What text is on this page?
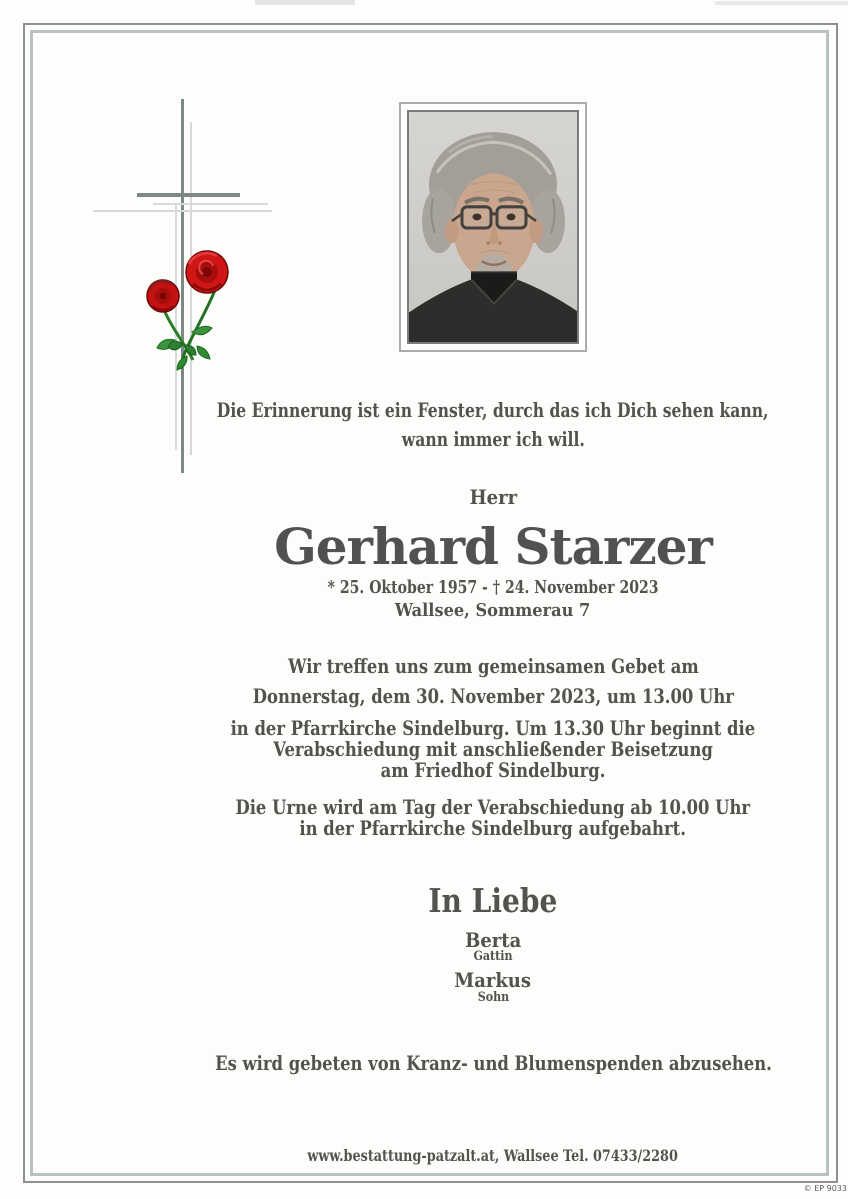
Die Erinnerung ist ein Fenster, durch das ich Dich sehen kann,
wann immer ich will.
Herr
Gerhard Starzer
* 25. Oktober 1957 - † 24. November 2023
Wallsee, Sommerau 7
Wir treffen uns zum gemeinsamen Gebet am
Donnerstag, dem 30. November 2023, um 13.00 Uhr
in der Pfarrkirche Sindelburg. Um 13.30 Uhr beginnt die
Verabschiedung mit anschließender Beisetzung
am Friedhof Sindelburg.
Die Urne wird am Tag der Verabschiedung ab 10.00 Uhr
in der Pfarrkirche Sindelburg aufgebahrt.
In Liebe
Berta
Gattin
Markus
Sohn
Es wird gebeten von Kranz- und Blumenspenden abzusehen.
www.bestattung-patzalt.at, Wallsee Tel. 07433/2280
© EP 9033
